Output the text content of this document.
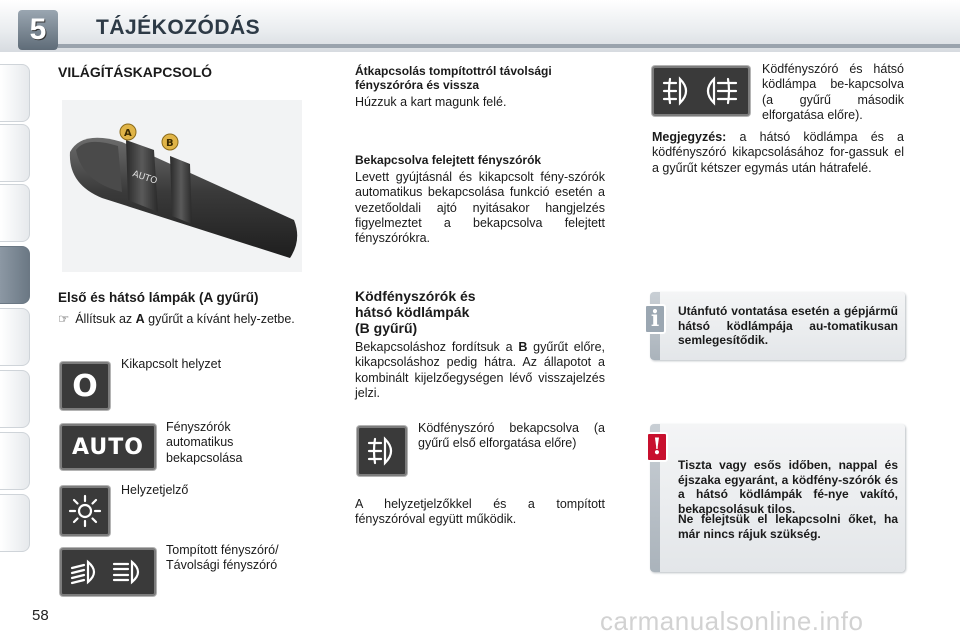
5	TÁJÉKOZÓDÁS
VILÁGÍTÁSKAPCSOLÓ
AUTO
A
B
Első és hátsó lámpák (A gyűrű)
☞ Állítsuk az A gyűrűt a kívánt hely-zetbe.
O
Kikapcsolt helyzet
AUTO
Fényszórók automatikus bekapcsolása
Helyzetjelző
Tompított fényszóró/ Távolsági fényszóró
Átkapcsolás tompítottról távolsági fényszóróra és vissza
Húzzuk a kart magunk felé.
Bekapcsolva felejtett fényszórók
Levett gyújtásnál és kikapcsolt fény-szórók automatikus bekapcsolása funkció esetén a vezetőoldali ajtó nyitásakor hangjelzés figyelmeztet a bekapcsolva felejtett fényszórókra.
Ködfényszórók és
hátsó ködlámpák
(B gyűrű)
Bekapcsoláshoz fordítsuk a B gyűrűt előre, kikapcsoláshoz pedig hátra. Az állapotot a kombinált kijelzőegységen lévő visszajelzés jelzi.
Ködfényszóró bekapcsolva (a gyűrű első elforgatása előre)
A helyzetjelzőkkel és a tompított fényszóróval együtt működik.
Ködfényszóró és hátsó ködlámpa be-kapcsolva (a gyűrű második elforgatása előre).
Megjegyzés: a hátsó ködlámpa és a ködfényszóró kikapcsolásához for-gassuk el a gyűrűt kétszer egymás után hátrafelé.
i	Utánfutó vontatása esetén a gépjármű hátsó ködlámpája au-tomatikusan semlegesítődik.
!
Tiszta vagy esős időben, nappal és éjszaka egyaránt, a ködfény-szórók és a hátsó ködlámpák fé-nye vakító, bekapcsolásuk tilos.
Ne felejtsük el lekapcsolni őket, ha már nincs rájuk szükség.
58	carmanualsonline.info
